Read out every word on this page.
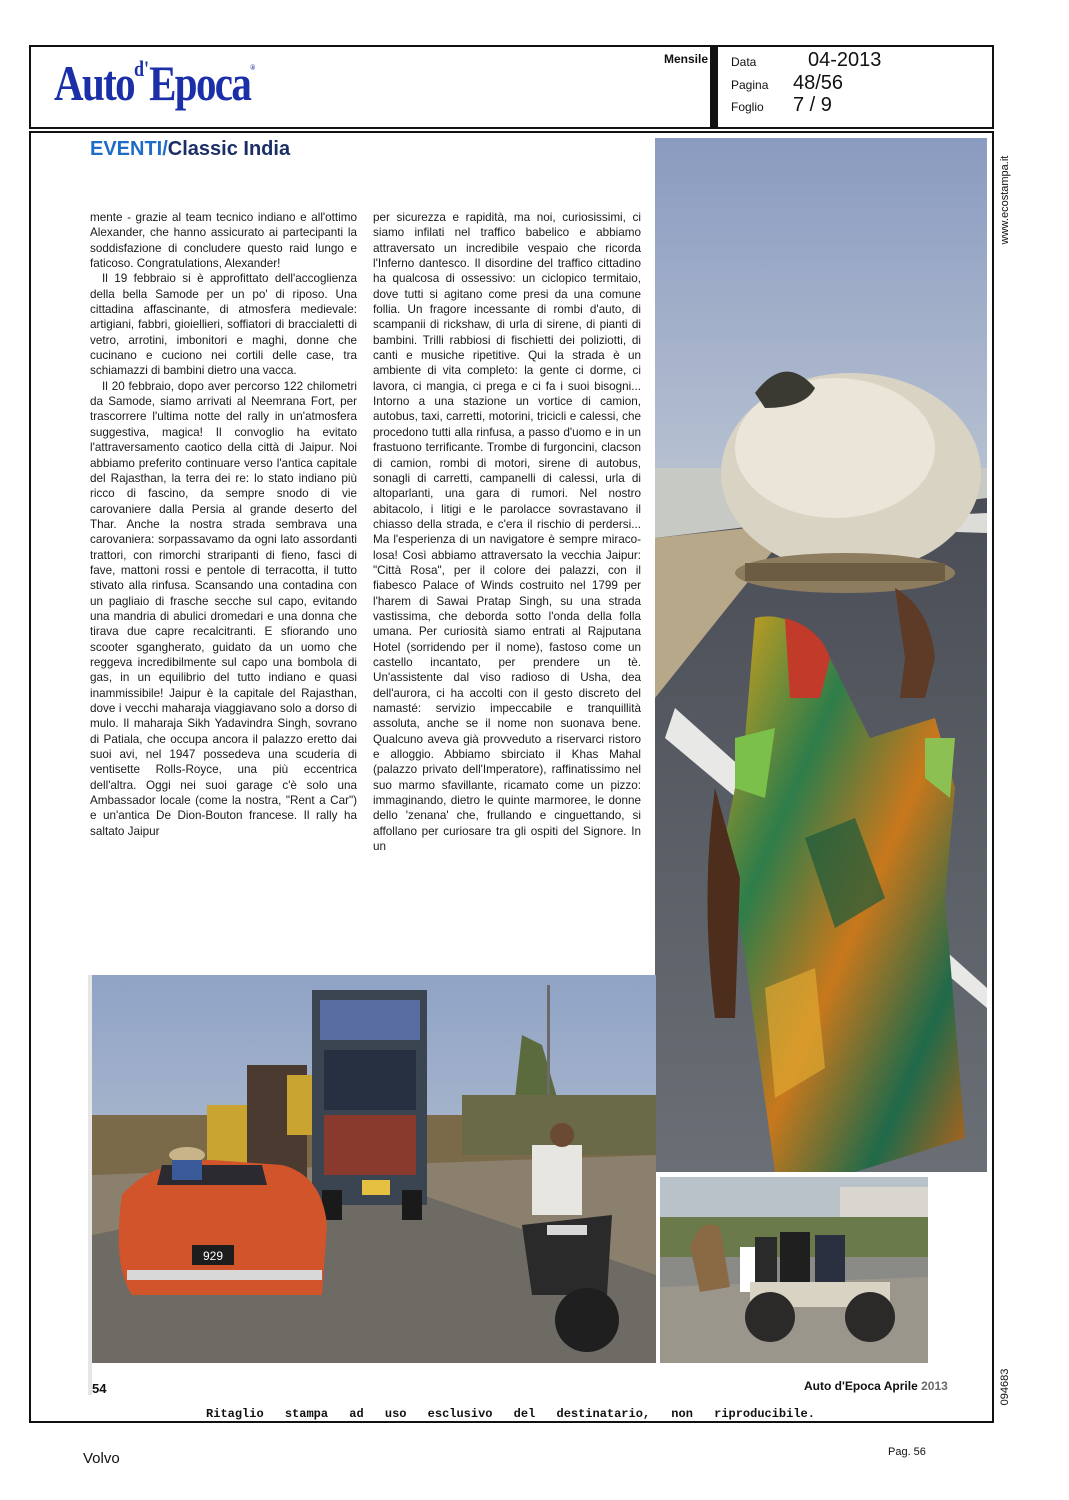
Auto$^{d'}$Epoca®
Mensile Data	04-2013
Pagina 48/56
Foglio 7 / 9
www.ecostampa.it
094683
EVENTI/Classic India

mente - grazie al team tecnico indiano e all'ottimo Alexander, che hanno assicurato ai partecipanti la soddisfazione di concludere questo raid lungo e faticoso. Congratulations, Alexander!

Il 19 febbraio si è approfittato dell'accoglienza della bella Samode per un po' di riposo. Una cittadina affascinante, di atmosfera medievale: artigiani, fabbri, gioiellieri, soffiatori di braccialetti di vetro, arrotini, imbonitori e maghi, donne che cucinano e cuciono nei cortili delle case, tra schiamazzi di bambini dietro una vacca.

Il 20 febbraio, dopo aver percorso 122 chilometri da Samode, siamo arrivati al Neemrana Fort, per trascorrere l'ultima notte del rally in un'atmosfera suggestiva, magica! Il convoglio ha evitato l'attraversamento caotico della città di Jaipur. Noi abbiamo preferito continuare verso l'antica capitale del Rajasthan, la terra dei re: lo stato indiano più ricco di fascino, da sempre snodo di vie carovaniere dalla Persia al grande deserto del Thar. Anche la nostra strada sembrava una carovaniera: sorpassavamo da ogni lato assordanti trattori, con rimorchi straripanti di fieno, fasci di fave, mattoni rossi e pentole di terracotta, il tutto stivato alla rinfusa. Scansando una contadina con un pagliaio di frasche secche sul capo, evitando una mandria di abulici dromedari e una donna che tirava due capre recalcitranti. E sfiorando uno scooter sgangherato, guidato da un uomo che reggeva incredibilmente sul capo una bombola di gas, in un equilibrio del tutto indiano e quasi inammissibile! Jaipur è la capitale del Rajasthan, dove i vecchi maharaja viaggiavano solo a dorso di mulo. Il maharaja Sikh Yadavindra Singh, sovrano di Patiala, che occupa ancora il palazzo eretto dai suoi avi, nel 1947 possedeva una scuderia di ventisette Rolls-Royce, una più eccentrica dell'altra. Oggi nei suoi garage c'è solo una Ambassador locale (come la nostra, "Rent a Car") e un'antica De Dion-Bouton francese. Il rally ha saltato Jaipur

per sicurezza e rapidità, ma noi, curiosissimi, ci siamo infilati nel traffico babelico e abbiamo attraversato un incredibile vespaio che ricorda l'Inferno dantesco. Il disordine del traffico cittadino ha qualcosa di ossessivo: un ciclopico termitaio, dove tutti si agitano come presi da una comune follia. Un fragore incessante di rombi d'auto, di scampanii di rickshaw, di urla di sirene, di pianti di bambini. Trilli rabbiosi di fischietti dei poliziotti, di canti e musiche ripetitive. Qui la strada è un ambiente di vita completo: la gente ci dorme, ci lavora, ci mangia, ci prega e ci fa i suoi bisogni... Intorno a una stazione un vortice di camion, autobus, taxi, carretti, motorini, tricicli e calessi, che procedono tutti alla rinfusa, a passo d'uomo e in un frastuono terrificante. Trombe di furgoncini, clacson di camion, rombi di motori, sirene di autobus, sonagli di carretti, campanelli di calessi, urla di altoparlanti, una gara di rumori. Nel nostro abitacolo, i litigi e le parolacce sovrastavano il chiasso della strada, e c'era il rischio di perdersi... Ma l'esperienza di un navigatore è sempre miracolosa! Così abbiamo attraversato la vecchia Jaipur: "Città Rosa", per il colore dei palazzi, con il fiabesco Palace of Winds costruito nel 1799 per l'harem di Sawai Pratap Singh, su una strada vastissima, che deborda sotto l'onda della folla umana. Per curiosità siamo entrati al Rajputana Hotel (sorridendo per il nome), fastoso come un castello incantato, per prendere un tè. Un'assistente dal viso radioso di Usha, dea dell'aurora, ci ha accolti con il gesto discreto del namasté: servizio impeccabile e tranquillità assoluta, anche se il nome non suonava bene. Qualcuno aveva già provveduto a riservarci ristoro e alloggio. Abbiamo sbirciato il Khas Mahal (palazzo privato dell'Imperatore), raffinatissimo nel suo marmo sfavillante, ricamato come un pizzo: immaginando, dietro le quinte marmoree, le donne dello 'zenana' che, frullando e cinguettando, si affollano per curiosare tra gli ospiti del Signore. In un

929
54	Auto d'Epoca Aprile 2013
Ritaglio stampa ad uso esclusivo del destinatario, non riproducibile.
Volvo	Pag. 56
